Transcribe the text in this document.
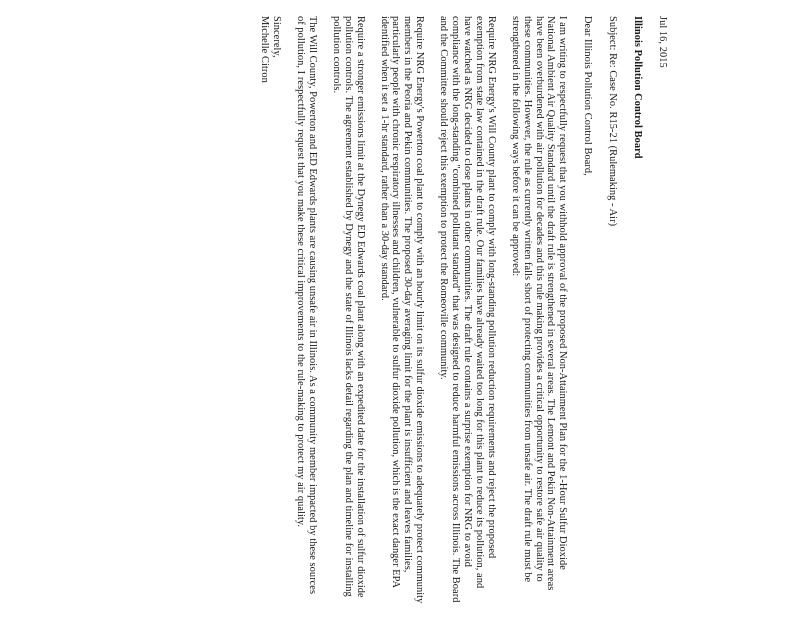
Jul 16, 2015

Illinois Pollution Control Board

Subject: Re: Case No. R15-21 (Rulemaking - Air)

Dear Illinois Pollution Control Board,

I am writing to respectfully request that you withhold approval of the proposed Non-Attainment Plan for the 1-Hour Sulfur Dioxide National Ambient Air Quality Standard until the draft rule is strengthened in several areas. The Lemont and Pekin Non-Attainment areas have been overburdened with air pollution for decades and this rule making provides a critical opportunity to restore safe air quality to these communities. However, the rule as currently written falls short of protecting communities from unsafe air. The draft rule must be strengthened in the following ways before it can be approved:

Require NRG Energy's Will County plant to comply with long-standing pollution reduction requirements and reject the proposed exemption from state law contained in the draft rule. Our families have already waited too long for this plant to reduce its pollution, and have watched as NRG decided to close plants in other communities. The draft rule contains a surprise exemption for NRG to avoid compliance with the long-standing "combined pollutant standard" that was designed to reduce harmful emissions across Illinois. The Board and the Committee should reject this exemption to protect the Romeoville community.

Require NRG Energy's Powerton coal plant to comply with an hourly limit on its sulfur dioxide emissions to adequately protect community members in the Peoria and Pekin communities. The proposed 30-day averaging limit for the plant is insufficient and leaves families, particularly people with chronic respiratory illnesses and children, vulnerable to sulfur dioxide pollution, which is the exact danger EPA identified when it set a 1-hr standard, rather than a 30-day standard.

Require a stronger emissions limit at the Dynegy ED Edwards coal plant along with an expedited date for the installation of sulfur dioxide pollution controls. The agreement established by Dynegy and the state of Illinois lacks detail regarding the plan and timeline for installing pollution controls.

The Will County, Powerton and ED Edwards plants are causing unsafe air in Illinois. As a community member impacted by these sources of pollution, I respectfully request that you make these critical improvements to the rule-making to protect my air quality.

Sincerely,

Michelle Citron
